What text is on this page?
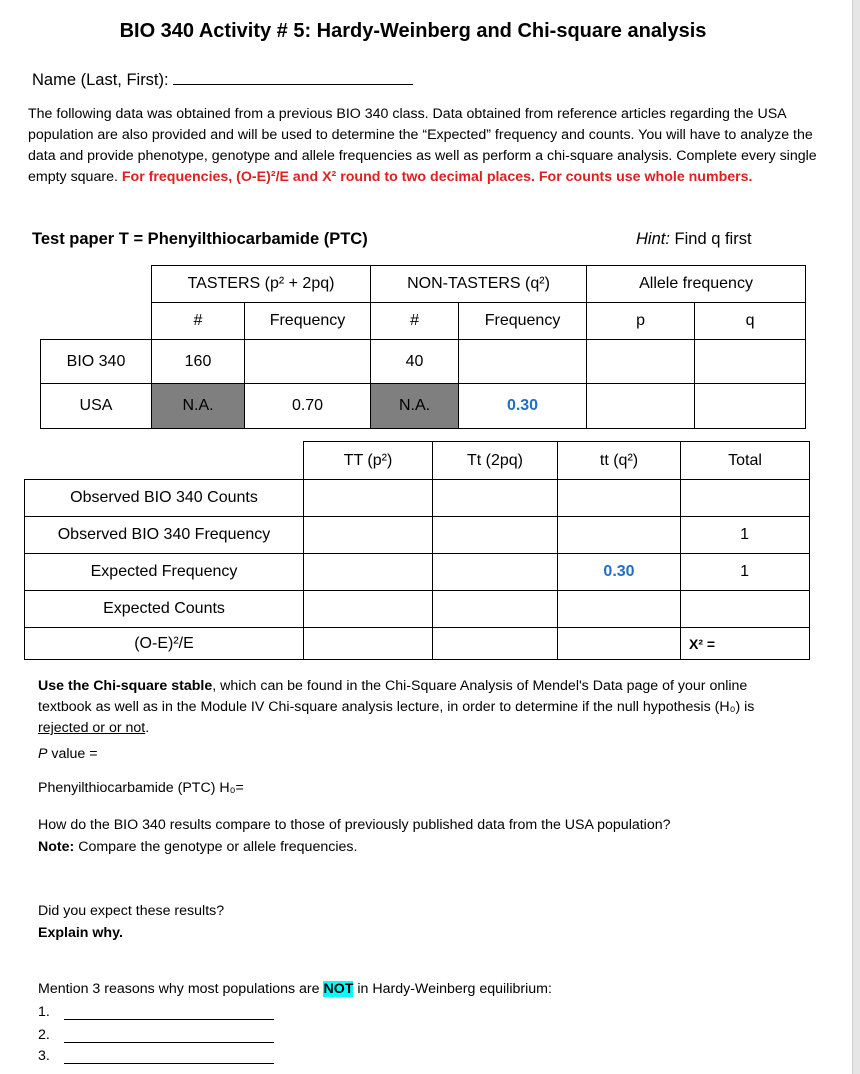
BIO 340 Activity # 5: Hardy-Weinberg and Chi-square analysis
Name (Last, First):
The following data was obtained from a previous BIO 340 class. Data obtained from reference articles regarding the USA population are also provided and will be used to determine the “Expected” frequency and counts. You will have to analyze the data and provide phenotype, genotype and allele frequencies as well as perform a chi-square analysis. Complete every single empty square. For frequencies, (O-E)²/E and X² round to two decimal places. For counts use whole numbers.
Test paper T = Phenyilthiocarbamide (PTC)	Hint: Find q first
	TASTERS (p² + 2pq)		NON-TASTERS (q²)		Allele frequency	
	#	Frequency	#	Frequency	p	q
BIO 340	160		40			
USA	N.A.	0.70	N.A.	0.30		
	TT (p²)	Tt (2pq)	tt (q²)	Total
Observed BIO 340 Counts				
Observed BIO 340 Frequency				1
Expected Frequency			0.30	1
Expected Counts				
(O-E)²/E				X² =
Use the Chi-square stable, which can be found in the Chi-Square Analysis of Mendel's Data page of your online textbook as well as in the Module IV Chi-square analysis lecture, in order to determine if the null hypothesis (H₀) is rejected or or not.
P value =
Phenyilthiocarbamide (PTC) H₀=
How do the BIO 340 results compare to those of previously published data from the USA population?
Note: Compare the genotype or allele frequencies.
Did you expect these results?
Explain why.
Mention 3 reasons why most populations are NOT in Hardy-Weinberg equilibrium:
1.
2.
3.
